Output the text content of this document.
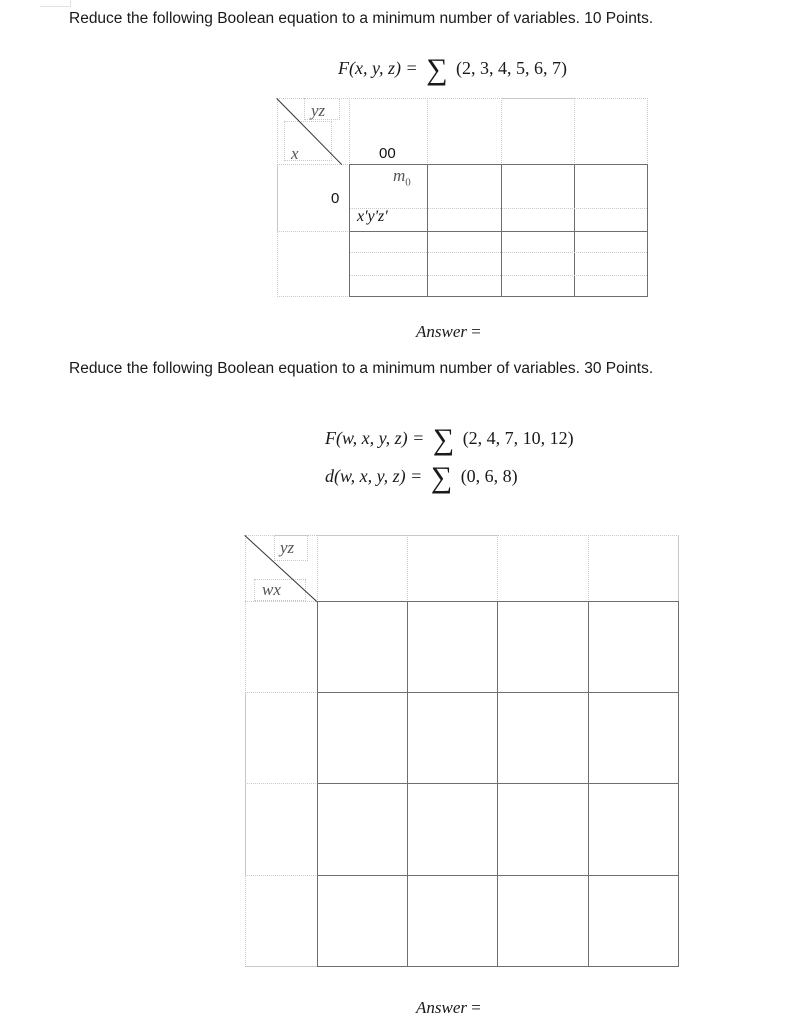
Reduce the following Boolean equation to a minimum number of variables. 10 Points.
F(x, y, z) = ∑ (2, 3, 4, 5, 6, 7)
yz
x	00
0
$m_0$
x'y'z'
Answer =
Reduce the following Boolean equation to a minimum number of variables. 30 Points.
F(w, x, y, z) = ∑ (2, 4, 7, 10, 12)
d(w, x, y, z) = ∑ (0, 6, 8)
yz
wx
Answer =
